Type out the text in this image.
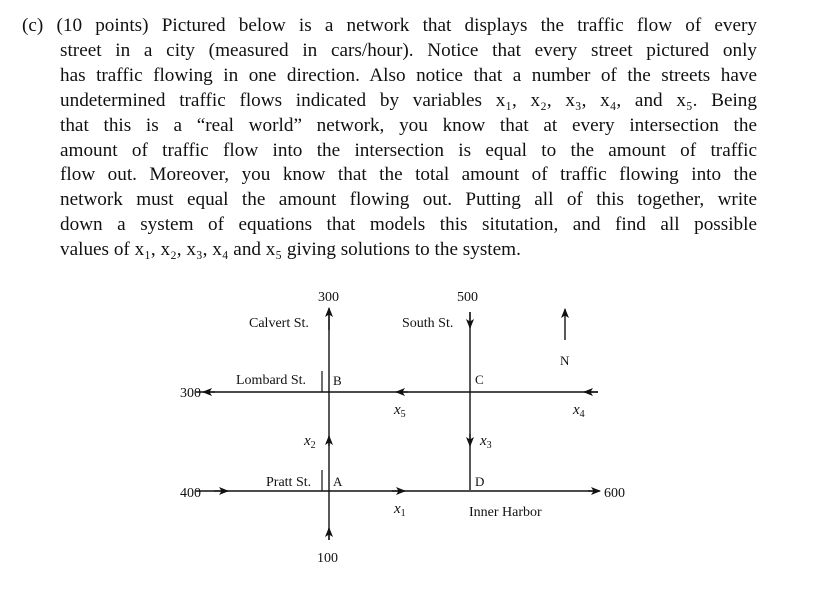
(c) (10 points) Pictured below is a network that displays the traffic flow of every
street in a city (measured in cars/hour). Notice that every street pictured only
has traffic flowing in one direction. Also notice that a number of the streets have
undetermined traffic flows indicated by variables x₁, x₂, x₃, x₄, and x₅. Being
that this is a “real world” network, you know that at every intersection the
amount of traffic flow into the intersection is equal to the amount of traffic
flow out. Moreover, you know that the total amount of traffic flowing into the
network must equal the amount flowing out. Putting all of this together, write
down a system of equations that models this situtation, and find all possible
values of x₁, x₂, x₃, x₄ and x₅ giving solutions to the system.
Calvert St.	South St.
Lombard St.
Pratt St.
Inner Harbor
300	500
300
400	600
100
$x_5$	$x_4$
$x_2$	$x_3$
$x_1$
B	C
A	D
N
